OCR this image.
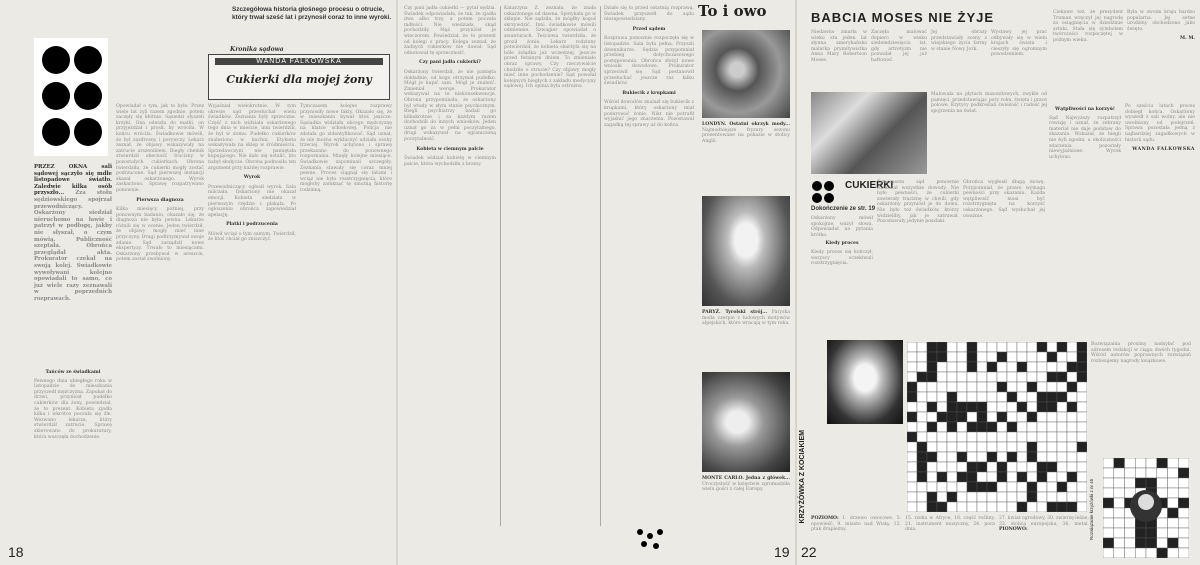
Szczegółowa historia głośnego procesu o otrucie, który trwał sześć lat i przynosił coraz to inne wyroki.
Kronika sądowa
WANDA FALKOWSKA
Cukierki dla mojej żony
PRZEZ OKNA sali sądowej sączyło się mdłe listopadowe światło. Zaledwie kilka osób przyszło... Zza stołu sędziowskiego spojrzał przewodniczący. Oskarżony siedział nieruchomo na ławie i patrzył w podłogę, jakby nie słyszał, o czym mówią. Publiczność szeptała. Obrońca przeglądał akta. Prokurator czekał na swoją kolej. Świadkowie wywoływani kolejno opowiadali to samo, co już wiele razy zeznawali w poprzednich rozprawach.
Tańców ze świadkami
Pewnego dnia ubiegłego roku w listopadzie do mieszkania przyszedł mężczyzna. Zapukał do drzwi, przyniósł pudełko cukierków dla żony, powiedział, że to prezent. Kobieta zjadła kilka i wkrótce poczuła się źle. Wezwano lekarza, który stwierdził zatrucie. Sprawę skierowano do prokuratury, która wszczęła dochodzenie.
Opowiadał o tym, jak to było. Przez wiele lat żyli razem zgodnie, potem zaczęły się kłótnie. Sąsiedzi słyszeli krzyki. Ona odeszła do matki, on przyjeżdżał i prosił, by wróciła. W końcu wróciła. Świadkowie mówili, że był zazdrosny i porywczy. Lekarz zeznał, że objawy wskazywały na zatrucie arszenikiem. Biegły chemik stwierdził obecność trucizny w pozostałych cukierkach. Obrona twierdziła, że cukierki mogły zostać podrzucone. Sąd pierwszej instancji skazał oskarżonego. Wyrok zaskarżono. Sprawę rozpatrywano ponownie.
Pierwsza diagnoza
Kilka miesięcy później, przy ponownym badaniu, okazało się, że diagnoza nie była pewna. Lekarze różnili się w ocenie. Jeden twierdził, że objawy mogły mieć inne przyczyny. Drugi podtrzymywał swoje zdanie. Sąd zarządził nowe ekspertyzy. Trwało to miesiącami. Oskarżony przebywał w areszcie, potem został zwolniony.
Wyjaśniał wielokrotnie. W tym okresie sąd przesłuchał wielu świadków. Zeznania były sprzeczne. Część z nich widziała oskarżonego tego dnia w mieście, inni twierdzili, że był w domu. Pudełko cukierków znaleziono w kuchni. Etykieta wskazywała na sklep w śródmieściu. Sprzedawczyni nie pamiętała kupującego. Nie dało się ustalić, kto nabył słodycze. Obrona podnosiła ten argument przy każdej rozprawie.
Wyrok
Przewodniczący ogłosił wyrok. Sala milczała. Oskarżony nie okazał emocji. Kobieta siedziała w pierwszym rzędzie i płakała. Po ogłoszeniu obrońca zapowiedział apelację.
Płatki i podrzucenia
Mówił wciąż o tym samym. Twierdził, że ktoś chciał go zniszczyć.
Tymczasem kolejne rozprawy przynosiły nowe fakty. Okazało się, że w mieszkaniu bywał ktoś jeszcze. Sąsiadka widziała obcego mężczyznę na klatce schodowej. Policja nie zdołała go zidentyfikować. Sąd uznał, że nie można wykluczyć udziału osoby trzeciej. Wyrok uchylono i sprawę przekazano do ponownego rozpoznania. Minęły kolejne miesiące. Świadkowie zapominali szczegóły. Zeznania stawały się coraz mniej pewne. Proces ciągnął się latami i wciąż nie było rozstrzygnięcia, które mogłoby zamknąć tę smutną historię rodzinną.
18
Czy pani jadła cukierki — pytał sędzia. Świadek odpowiadała, że tak, że zjadła dwa albo trzy, a potem poczuła mdłości. Nie wiedziała, skąd pochodziły. Mąż przyniósł je wieczorem. Powiedział, że to prezent od kolegi z pracy. Kolega zeznał, że żadnych cukierków nie dawał. Sąd odnotował tę sprzeczność.
Czy pani jadła cukierki?
Oskarżony twierdził, że nie pamięta dokładnie, od kogo otrzymał pudełko. Mógł je kupić sam. Mógł je znaleźć. Zmieniał wersje. Prokurator wskazywał na te niekonsekwencje. Obrona przypominała, że oskarżony był wtedy w złym stanie psychicznym. Biegli psychiatrzy badali go kilkakrotnie i za każdym razem dochodzili do innych wniosków. Jeden uznał go za w pełni poczytalnego, drugi wskazywał na ograniczoną poczytalność.
Kobieta w ciemnym palcie
Świadek widział kobietę w ciemnym palcie, która wychodziła z bramy.
Katarzyna Z. zeznała, że znała oskarżonego od dawna. Spotykała go w sklepie. Nie sądziła, że mógłby kogoś skrzywdzić. Inni świadkowie mówili odmiennie. Szwagier opowiadał o awanturach. Teściowa twierdziła, że groził żonie. Lekarz rodzinny potwierdził, że kobieta skarżyła się na bóle żołądka już wcześniej, jeszcze przed feralnym dniem. To zmieniało obraz sprawy. Czy rzeczywiście chodziło o otrucie? Czy objawy mogły mieć inne pochodzenie? Sąd powołał kolejnych biegłych z zakładu medycyny sądowej. Ich opinia była ostrożna.
Działo się to przed ostatnią rozprawą. Świadek przyszedł do sądu niezapowiedziany.
Przed sądem
Rozprawa ponownie rozpoczęła się w listopadzie. Sala była pełna. Przyszli dziennikarze. Sędzia przypomniał przebieg dotychczasowego postępowania. Obrońca złożył nowe wnioski dowodowe. Prokurator sprzeciwił się. Sąd postanowił przesłuchać jeszcze raz kilku świadków.
Bukiecik z krupkami
Wśród dowodów znalazł się bukiecik z krupkami, który oskarżony miał podarować żonie. Nikt nie potrafił wyjaśnić jego znaczenia. Pozostawał zagadką tej sprawy aż do końca.
To i owo
LONDYN. Ostatni okrzyk mody... Najmodniejsze fryzury sezonu prezentowane na pokazie w stolicy Anglii.
PARYŻ. Tyrolski strój... Paryska moda czerpie z ludowych motywów alpejskich, które wracają w tym roku.
MONTE CARLO. Jedna z główek... Uroczystość w księstwie zgromadziła wielu gości z całej Europy.
19
BABCIA MOSES NIE ŻYJE
Niedawno zmarła w wieku stu jeden lat słynna amerykańska malarka prymitywistka Anna Mary Robertson Moses.
Zaczęła malować dopiero w wieku siedemdziesięciu lat, gdy artretyzm nie pozwalał jej już haftować.
Jej obrazy przedstawiały sceny z wiejskiego życia farmy w stanie Nowy Jork.
Wystawy jej prac odbywały się w wielu krajach świata i cieszyły się ogromnym powodzeniem.
Malowała na płytach masonitowych, zwykle od pamięci, przedstawiając pory roku, święta i prace polowe. Krytycy podkreślali świeżość i radość jej spojrzenia na świat.
Ciekawe też, że prezydent Truman wręczył jej nagrodę za osiągnięcia w dziedzinie sztuki. Stała się symbolem twórczości rozpoczętej w późnym wieku.
Była w swoim kraju bardzo popularna. Jej setne urodziny obchodzono jako święto.
M. M.
CUKIERKI
Dokończenie ze str. 19
Oskarżony mówił spokojnie, ważył słowa. Odpowiadał na pytania krótko.
Kiedy proces
Kiedy proces się kończył, wszyscy oczekiwali rozstrzygnięcia.
Tymczasem sąd ponownie rozważał wszystkie dowody. Nie było pewności, że cukierki zawierały truciznę w chwili, gdy oskarżony przyniósł je do domu. Nie było też świadków, którzy widzieliby, jak je zatruwał. Pozostawały jedynie poszlaki.
Obrońca wygłosił długą mowę. Przypomniał, że prawo wymaga pewności przy skazaniu. Każda wątpliwość musi być rozstrzygnięta na korzyść oskarżonego. Sąd wysłuchał jej uważnie.
Wątpliwości na korzyść
Sąd Najwyższy rozpatrzył rewizję i uznał, że zebrany materiał nie daje podstaw do skazania. Wskazał, że biegli nie byli zgodni, a okoliczności zdarzenia pozostały niewyjaśnione. Wyrok uchylono.
Po sześciu latach proces dobiegł końca. Oskarżony wyszedł z sali wolny, ale nie uwolniony od podejrzeń. Sprawa pozostała jedną z najbardziej zagadkowych w historii sądu.
WANDA FALKOWSKA
KRZYŻÓWKA Z KOCIAKIEM POZIOMO: 1. drzewo owocowe, 5. opowieść, 9. miasto nad Wisłą, 12. ptak drapieżny.
15. rzeka w Afryce, 18. część rośliny, 21. instrument muzyczny, 24. pora dnia.
27. kwiat ogrodowy, 30. zwierzę leśne, 33. stolica europejska, 36. metal. PIONOWO:
Rozwiązania prosimy nadsyłać pod adresem redakcji w ciągu dwóch tygodni. Wśród autorów poprawnych rozwiązań rozlosujemy nagrody książkowe.
Rozwiązanie krzyżówki z nr 45
22
